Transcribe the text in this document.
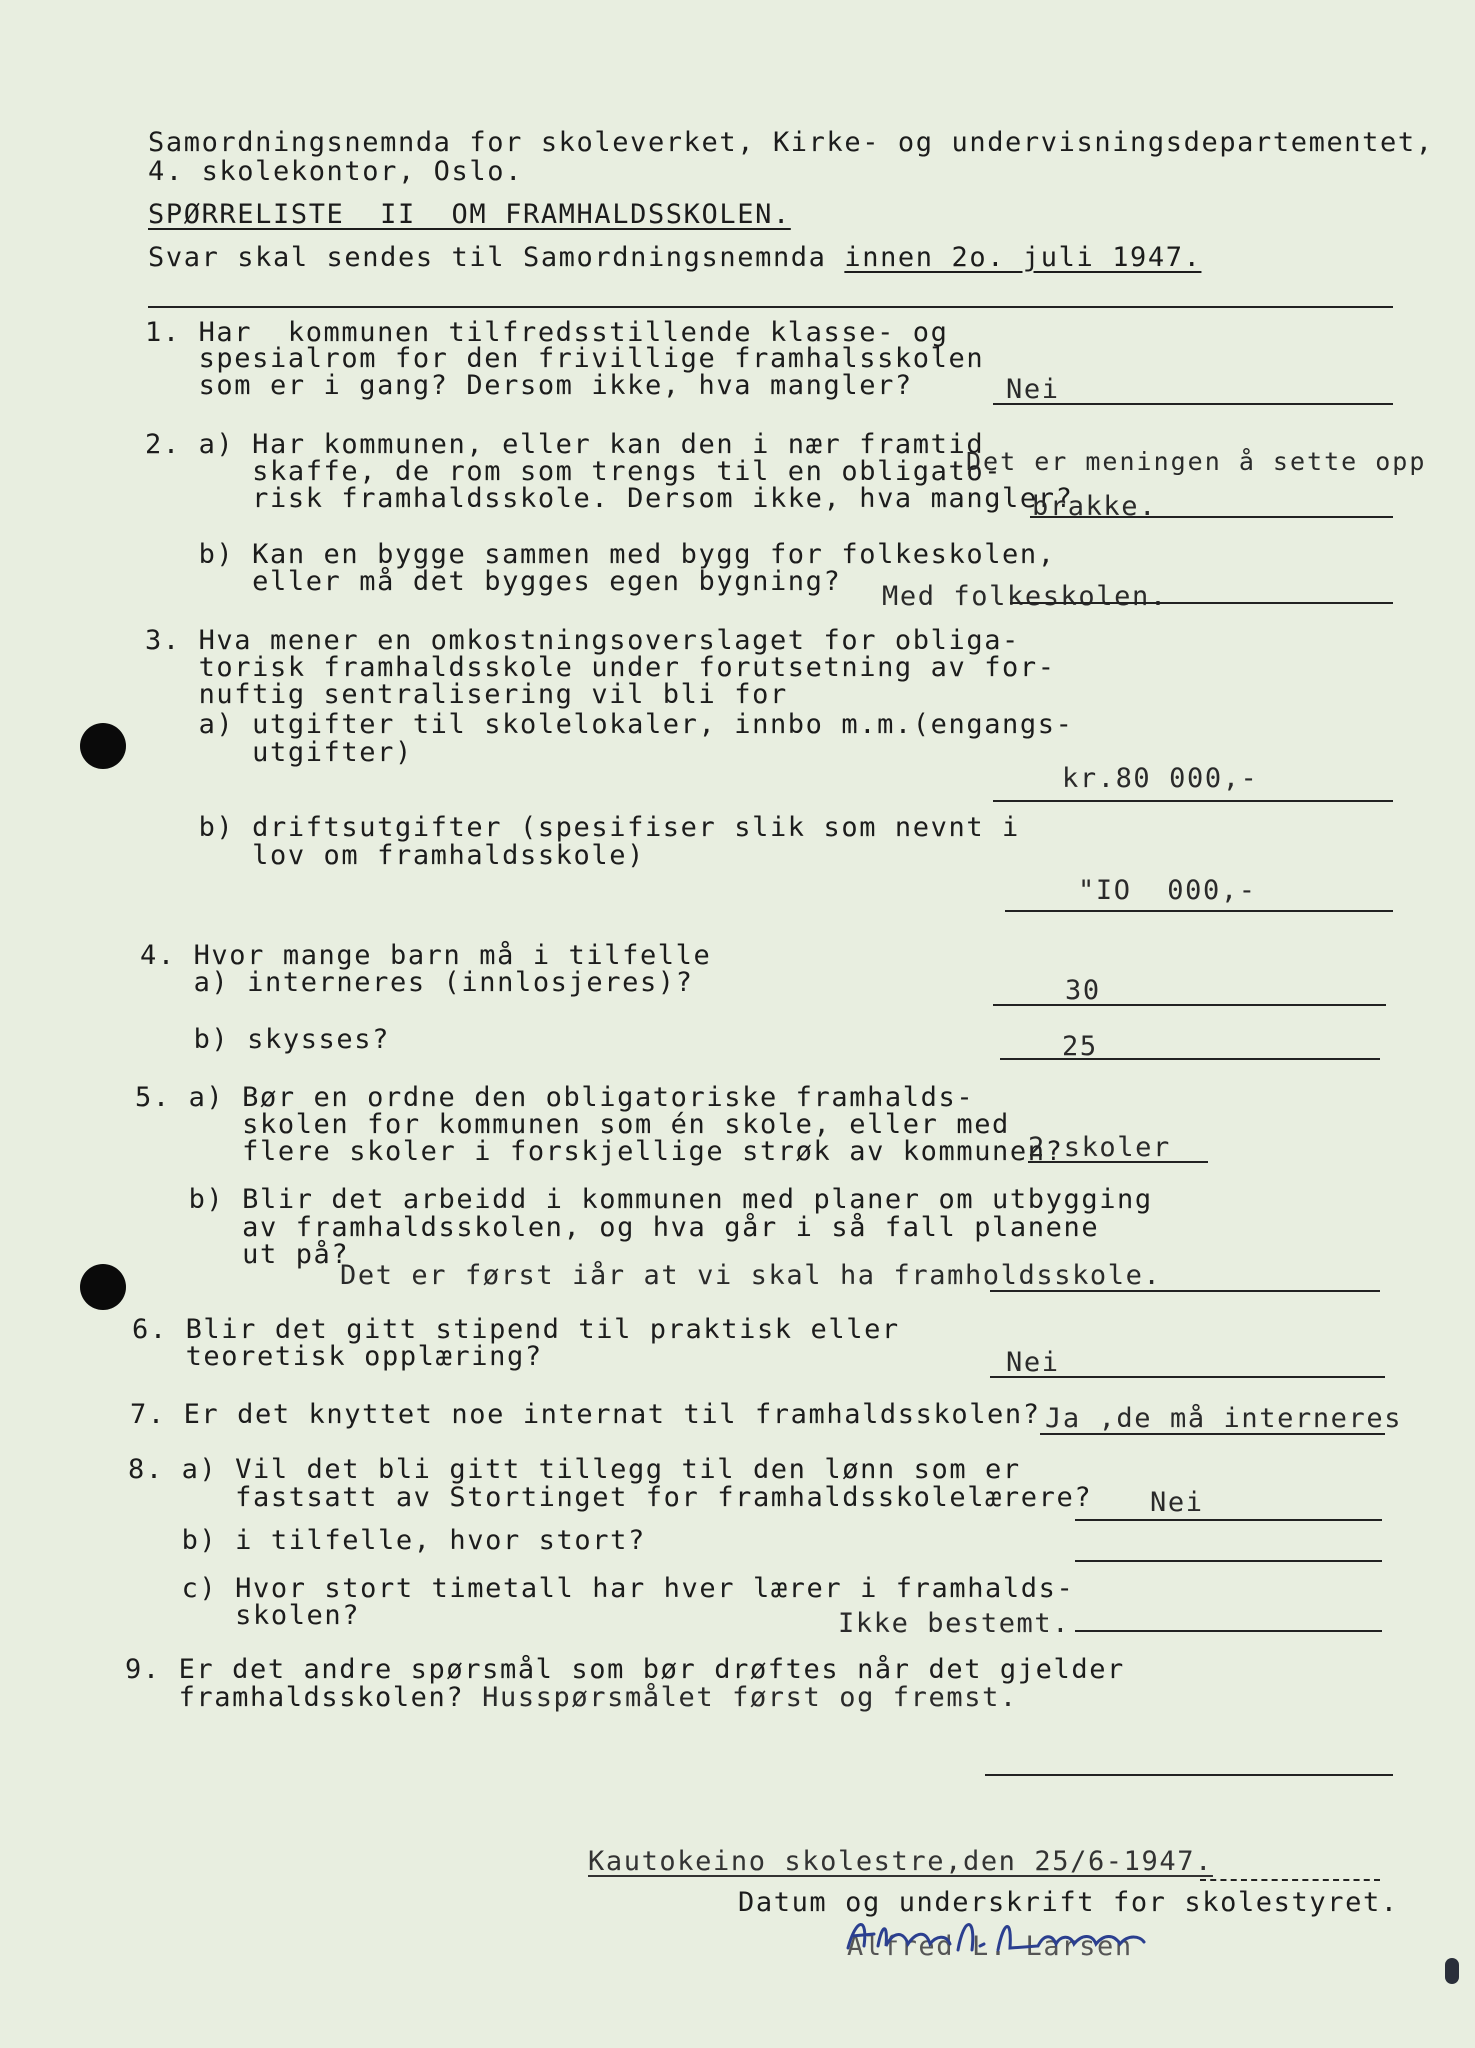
Samordningsnemnda for skoleverket, Kirke- og undervisningsdepartementet,
4. skolekontor, Oslo.
SPØRRELISTE  II  OM FRAMHALDSSKOLEN.
Svar skal sendes til Samordningsnemnda innen 2o. juli 1947.
1. Har  kommunen tilfredsstillende klasse- og
spesialrom for den frivillige framhalsskolen
som er i gang? Dersom ikke, hva mangler?	Nei
2. a) Har kommunen, eller kan den i nær framtid
skaffe, de rom som trengs til en obligato-
risk framhaldsskole. Dersom ikke, hva mangler?
Det er meningen å sette opp
brakke.
b) Kan en bygge sammen med bygg for folkeskolen,
eller må det bygges egen bygning? Med folkeskolen.
3. Hva mener en omkostningsoverslaget for obliga-
torisk framhaldsskole under forutsetning av for-
nuftig sentralisering vil bli for
a) utgifter til skolelokaler, innbo m.m.(engangs-
utgifter)
kr.80 000,-
b) driftsutgifter (spesifiser slik som nevnt i
lov om framhaldsskole)
"IO  000,-
4. Hvor mange barn må i tilfelle
a) interneres (innlosjeres)?	30
b) skysses?	25
5. a) Bør en ordne den obligatoriske framhalds-
skolen for kommunen som én skole, eller med
flere skoler i forskjellige strøk av kommunen?
2 skoler
b) Blir det arbeidd i kommunen med planer om utbygging
av framhaldsskolen, og hva går i så fall planene
ut på?
Det er først iår at vi skal ha framholdsskole.
6. Blir det gitt stipend til praktisk eller
teoretisk opplæring?	Nei
7. Er det knyttet noe internat til framhaldsskolen? Ja ,de må interneres
8. a) Vil det bli gitt tillegg til den lønn som er
fastsatt av Stortinget for framhaldsskolelærere? Nei
b) i tilfelle, hvor stort?
c) Hvor stort timetall har hver lærer i framhalds-
skolen?	Ikke bestemt.
9. Er det andre spørsmål som bør drøftes når det gjelder
framhaldsskolen? Husspørsmålet først og fremst.
Kautokeino skolestre,den 25/6-1947.
Datum og underskrift for skolestyret.
Alfred L. Larsen
Alfred L. Larsen
